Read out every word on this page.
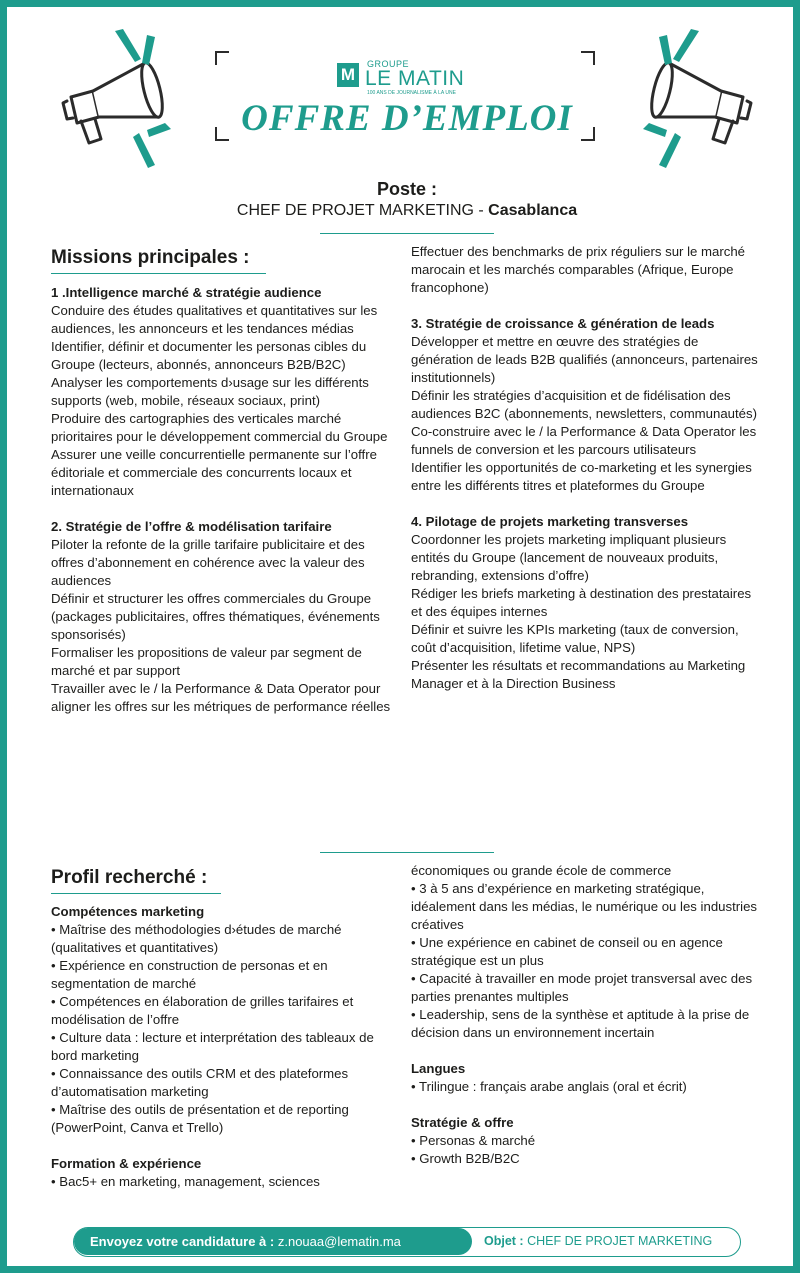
M
GROUPE
LE MATIN
100 ANS DE JOURNALISME À LA UNE
OFFRE D’EMPLOI
Poste :
CHEF DE PROJET MARKETING - Casablanca
Missions principales :

1 .Intelligence marché & stratégie audience

Conduire des études qualitatives et quantitatives sur les audiences, les annonceurs et les tendances médias

Identifier, définir et documenter les personas cibles du Groupe (lecteurs, abonnés, annonceurs B2B/B2C)

Analyser les comportements d›usage sur les différents supports (web, mobile, réseaux sociaux, print)

Produire des cartographies des verticales marché prioritaires pour le développement commercial du Groupe

Assurer une veille concurrentielle permanente sur l’offre éditoriale et commerciale des concurrents locaux et internationaux

2. Stratégie de l’offre & modélisation tarifaire

Piloter la refonte de la grille tarifaire publicitaire et des offres d’abonnement en cohérence avec la valeur des audiences

Définir et structurer les offres commerciales du Groupe (packages publicitaires, offres thématiques, événements sponsorisés)

Formaliser les propositions de valeur par segment de marché et par support

Travailler avec le / la Performance & Data Operator pour aligner les offres sur les métriques de performance réelles

Effectuer des benchmarks de prix réguliers sur le marché marocain et les marchés comparables (Afrique, Europe francophone)

3. Stratégie de croissance & génération de leads

Développer et mettre en œuvre des stratégies de génération de leads B2B qualifiés (annonceurs, partenaires institutionnels)

Définir les stratégies d’acquisition et de fidélisation des audiences B2C (abonnements, newsletters, communautés)

Co-construire avec le / la Performance & Data Operator les funnels de conversion et les parcours utilisateurs

Identifier les opportunités de co-marketing et les synergies entre les différents titres et plateformes du Groupe

4. Pilotage de projets marketing transverses

Coordonner les projets marketing impliquant plusieurs entités du Groupe (lancement de nouveaux produits, rebranding, extensions d’offre)

Rédiger les briefs marketing à destination des prestataires et des équipes internes

Définir et suivre les KPIs marketing (taux de conversion, coût d’acquisition, lifetime value, NPS)

Présenter les résultats et recommandations au Marketing Manager et à la Direction Business

Profil recherché :

Compétences marketing

• Maîtrise des méthodologies d›études de marché (qualitatives et quantitatives)

• Expérience en construction de personas et en segmentation de marché

• Compétences en élaboration de grilles tarifaires et modélisation de l’offre

• Culture data : lecture et interprétation des tableaux de bord marketing

• Connaissance des outils CRM et des plateformes d’automatisation marketing

• Maîtrise des outils de présentation et de reporting (PowerPoint, Canva et Trello)

Formation & expérience

• Bac5+ en marketing, management, sciences

économiques ou grande école de commerce

• 3 à 5 ans d’expérience en marketing stratégique, idéalement dans les médias, le numérique ou les industries créatives

• Une expérience en cabinet de conseil ou en agence stratégique est un plus

• Capacité à travailler en mode projet transversal avec des parties prenantes multiples

• Leadership, sens de la synthèse et aptitude à la prise de décision dans un environnement incertain

Langues

• Trilingue : français arabe anglais (oral et écrit)

Stratégie & offre

• Personas & marché

• Growth B2B/B2C

Envoyez votre candidature à : z.nouaa@lematin.ma	Objet : CHEF DE PROJET MARKETING
